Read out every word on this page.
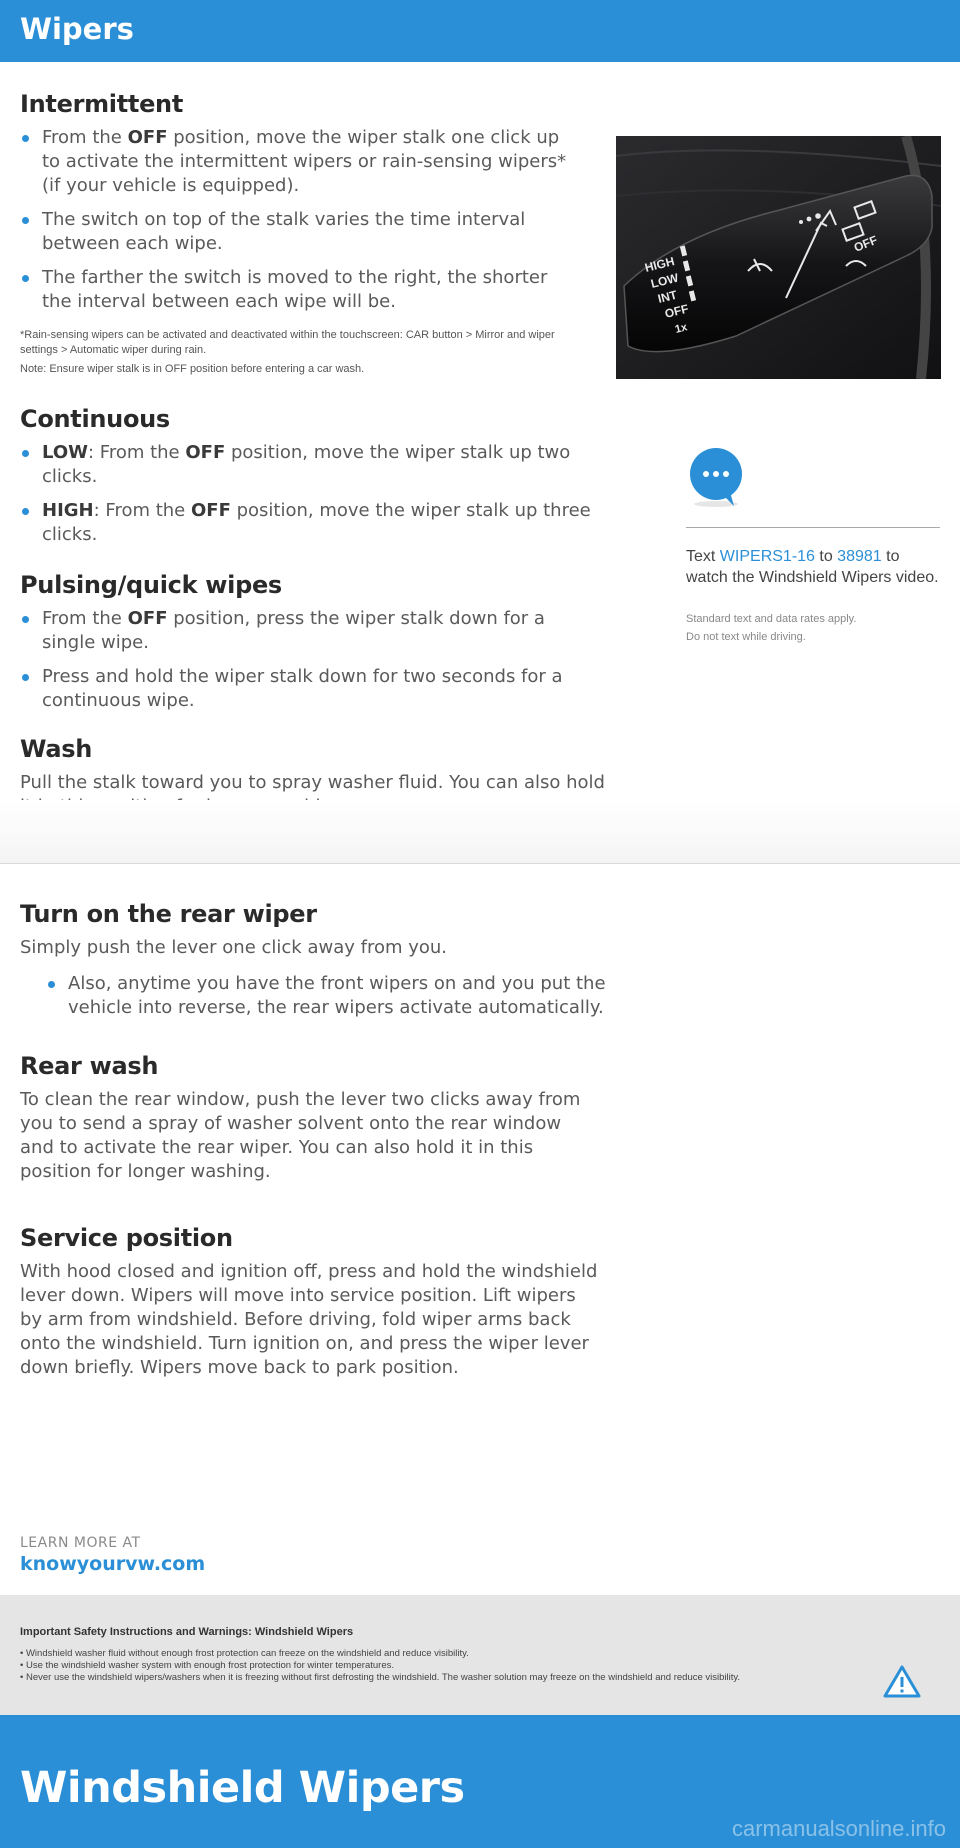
Wipers
Intermittent
From the OFF position, move the wiper stalk one click up to activate the intermittent wipers or rain-sensing wipers* (if your vehicle is equipped).
The switch on top of the stalk varies the time interval between each wipe.
The farther the switch is moved to the right, the shorter the interval between each wipe will be.

*Rain-sensing wipers can be activated and deactivated within the touchscreen: CAR button > Mirror and wiper settings > Automatic wiper during rain.

Note: Ensure wiper stalk is in OFF position before entering a car wash.

Continuous
LOW: From the OFF position, move the wiper stalk up two clicks.
HIGH: From the OFF position, move the wiper stalk up three clicks.
Pulsing/quick wipes
From the OFF position, press the wiper stalk down for a single wipe.
Press and hold the wiper stalk down for two seconds for a continuous wipe.
Wash

Pull the stalk toward you to spray washer fluid. You can also hold

HIGH
LOW
INT
OFF
1x
OFF
Text WIPERS1-16 to 38981 to watch the Windshield Wipers video.
Standard text and data rates apply.
Do not text while driving.
Turn on the rear wiper

Simply push the lever one click away from you.

Also, anytime you have the front wipers on and you put the vehicle into reverse, the rear wipers activate automatically.
Rear wash

To clean the rear window, push the lever two clicks away from you to send a spray of washer solvent onto the rear window and to activate the rear wiper. You can also hold it in this position for longer washing.

Service position

With hood closed and ignition off, press and hold the windshield lever down. Wipers will move into service position. Lift wipers by arm from windshield. Before driving, fold wiper arms back onto the windshield. Turn ignition on, and press the wiper lever down briefly. Wipers move back to park position.

LEARN MORE AT
knowyourvw.com
Important Safety Instructions and Warnings: Windshield Wipers
• Windshield washer fluid without enough frost protection can freeze on the windshield and reduce visibility.
• Use the windshield washer system with enough frost protection for winter temperatures.
• Never use the windshield wipers/washers when it is freezing without first defrosting the windshield. The washer solution may freeze on the windshield and reduce visibility.
Windshield Wipers
carmanualsonline.info
